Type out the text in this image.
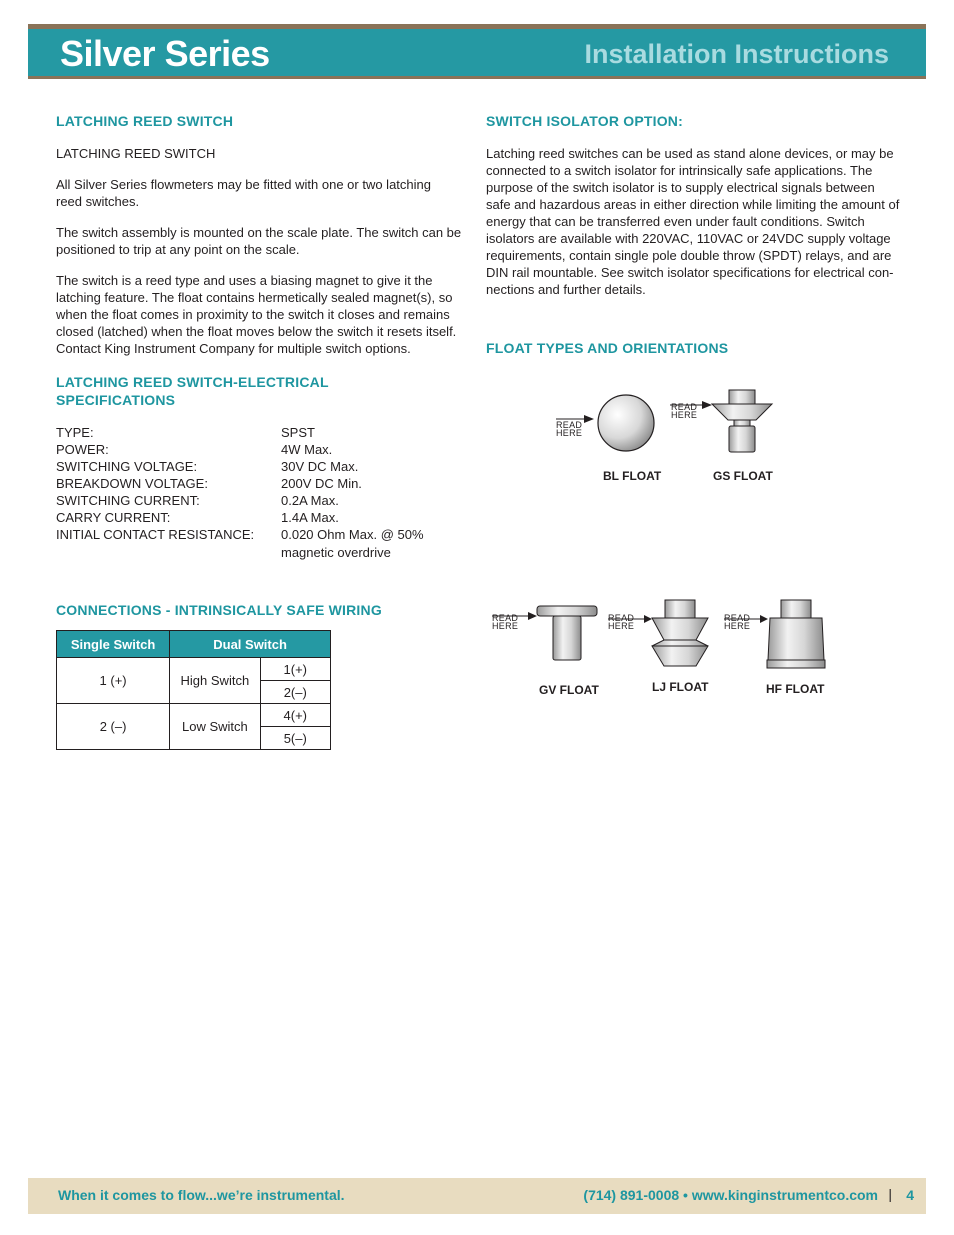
Silver Series	Installation Instructions
LATCHING REED SWITCH
LATCHING REED SWITCH
All Silver Series flowmeters may be fitted with one or two latching reed switches.
The switch assembly is mounted on the scale plate. The switch can be positioned to trip at any point on the scale.
The switch is a reed type and uses a biasing magnet to give it the latching feature. The float contains hermetically sealed magnet(s), so when the float comes in proximity to the switch it closes and remains closed (latched) when the float moves below the switch it resets itself. Contact King Instrument Company for multiple switch options.
LATCHING REED SWITCH-ELECTRICAL
SPECIFICATIONS
TYPE:	SPST
POWER:	4W Max.
SWITCHING VOLTAGE:	30V DC Max.
BREAKDOWN VOLTAGE:	200V DC Min.
SWITCHING CURRENT:	0.2A Max.
CARRY CURRENT:	1.4A Max.
INITIAL CONTACT RESISTANCE: 0.020 Ohm Max. @ 50%
magnetic overdrive
CONNECTIONS - INTRINSICALLY SAFE WIRING
Single Switch	Dual Switch	
1 (+)	High Switch	1(+)
		2(–)
2 (–)	Low Switch	4(+)
		5(–)
SWITCH ISOLATOR OPTION:
Latching reed switches can be used as stand alone devices, or may be connected to a switch isolator for intrinsically safe applications. The purpose of the switch isolator is to supply electrical signals between safe and hazardous areas in either direction while limiting the amount of energy that can be transferred even under fault conditions. Switch isolators are available with 220VAC, 110VAC or 24VDC supply voltage requirements, contain single pole double throw (SPDT) relays, and are DIN rail mountable. See switch isolator specifications for electrical con-nections and further details.
FLOAT TYPES AND ORIENTATIONS
READ
HERE
READ
HERE
READ
HERE
READ
HERE
READ
HERE
BL FLOAT	GS FLOAT
GV FLOAT	LJ FLOAT	HF FLOAT
When it comes to flow...we’re instrumental.	(714) 891-0008 • www.kinginstrumentco.com | 4
